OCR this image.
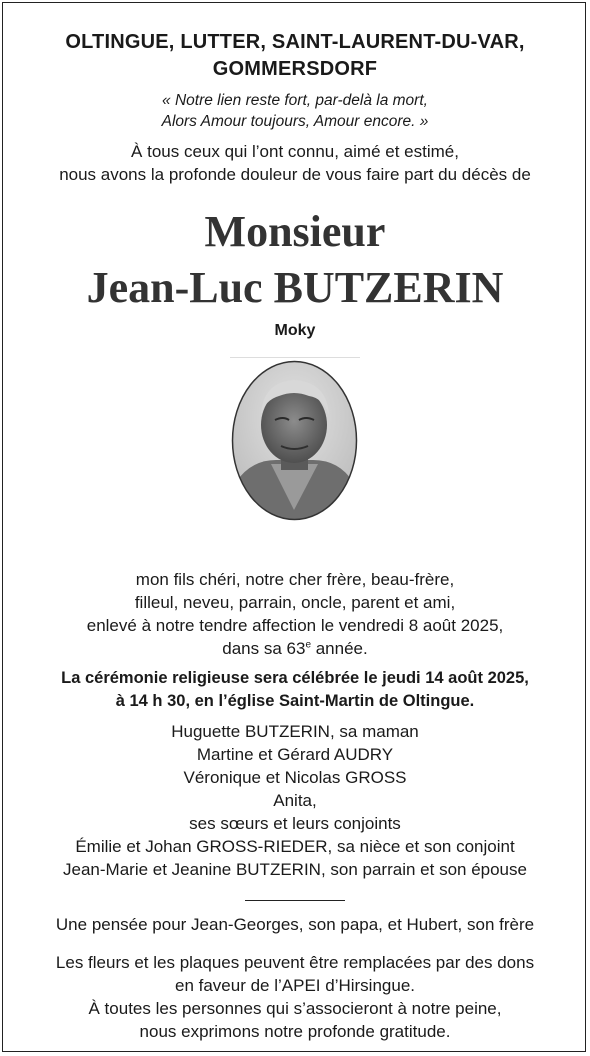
OLTINGUE, LUTTER, SAINT-LAURENT-DU-VAR,
GOMMERSDORF
« Notre lien reste fort, par-delà la mort,
Alors Amour toujours, Amour encore. »
À tous ceux qui l’ont connu, aimé et estimé,
nous avons la profonde douleur de vous faire part du décès de
Monsieur
Jean-Luc BUTZERIN
Moky
mon fils chéri, notre cher frère, beau-frère,
filleul, neveu, parrain, oncle, parent et ami,
enlevé à notre tendre affection le vendredi 8 août 2025,
dans sa 63e année.
La cérémonie religieuse sera célébrée le jeudi 14 août 2025,
à 14 h 30, en l’église Saint-Martin de Oltingue.
Huguette BUTZERIN, sa maman
Martine et Gérard AUDRY
Véronique et Nicolas GROSS
Anita,
ses sœurs et leurs conjoints
Émilie et Johan GROSS-RIEDER, sa nièce et son conjoint
Jean-Marie et Jeanine BUTZERIN, son parrain et son épouse
Une pensée pour Jean-Georges, son papa, et Hubert, son frère
Les fleurs et les plaques peuvent être remplacées par des dons
en faveur de l’APEI d’Hirsingue.
À toutes les personnes qui s’associeront à notre peine,
nous exprimons notre profonde gratitude.
